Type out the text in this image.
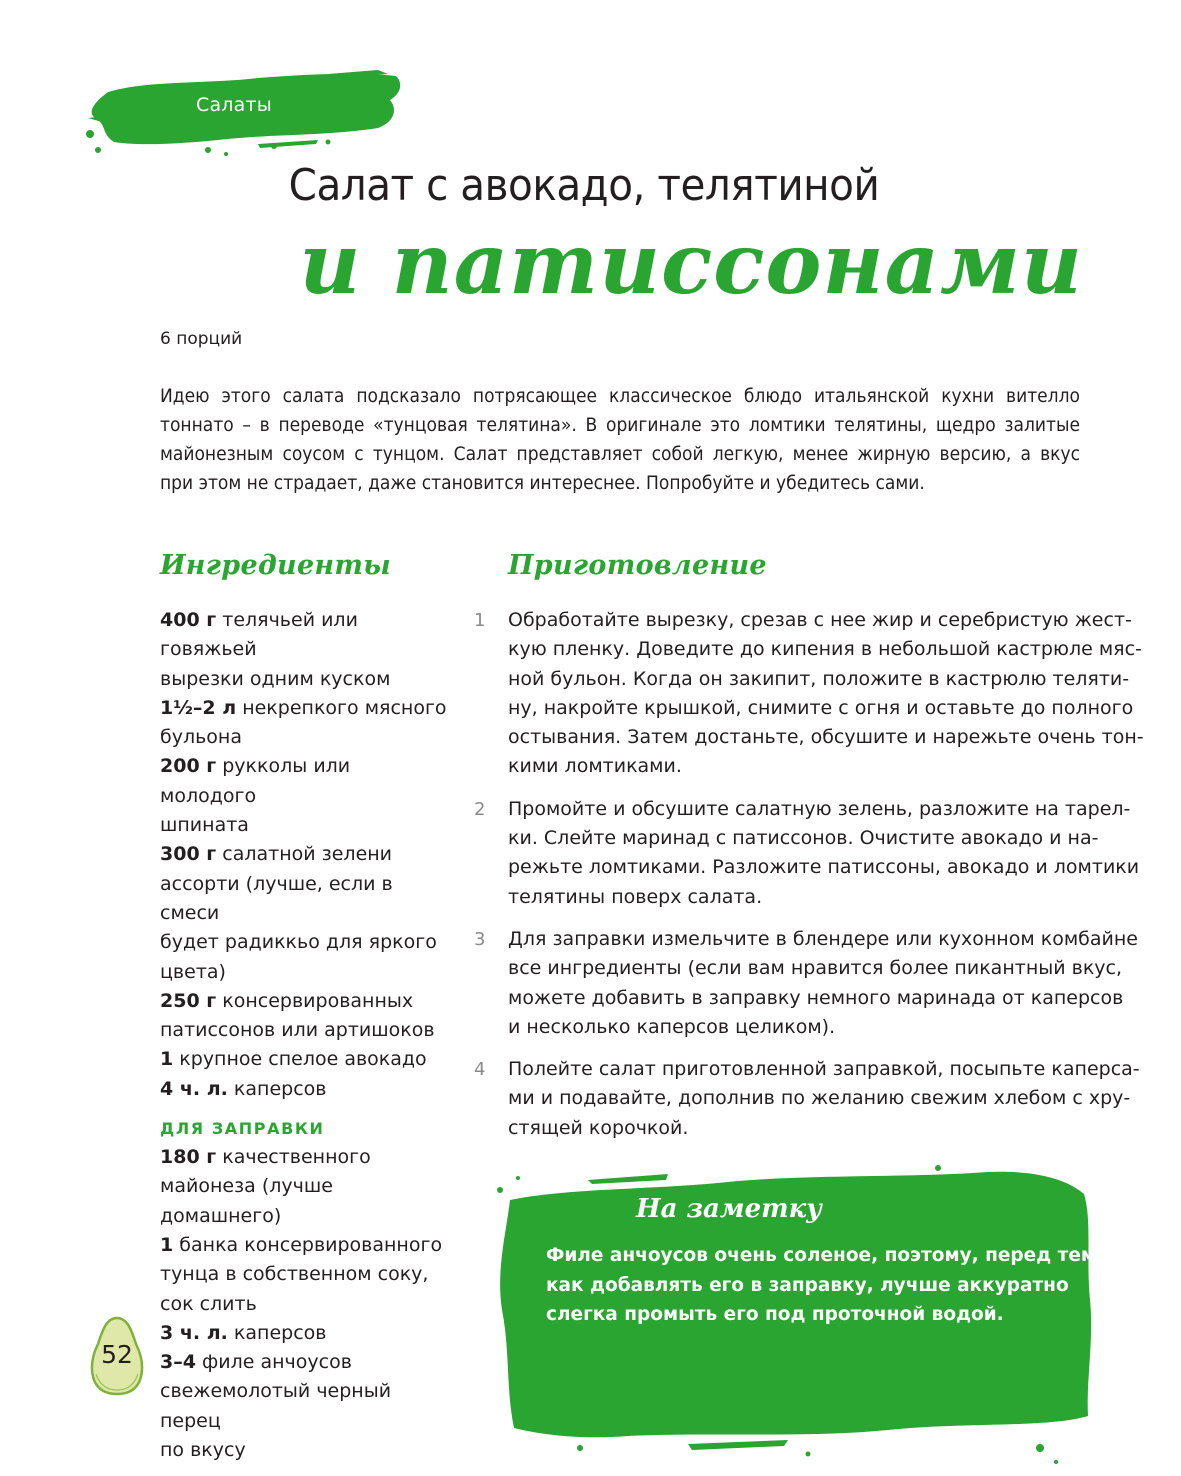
Салаты
Салат с авокадо, телятиной
и патиссонами
6 порций
Идею этого салата подсказало потрясающее классическое блюдо итальянской кухни вителло
тоннато – в переводе «тунцовая телятина». В оригинале это ломтики телятины, щедро залитые
майонезным соусом с тунцом. Салат представляет собой легкую, менее жирную версию, а вкус
при этом не страдает, даже становится интереснее. Попробуйте и убедитесь сами.
Ингредиенты	Приготовление
400 г телячьей или говяжьей
вырезки одним куском
1½–2 л некрепкого мясного
бульона
200 г рукколы или молодого
шпината
300 г салатной зелени
ассорти (лучше, если в смеси
будет радиккьо для яркого
цвета)
250 г консервированных
патиссонов или артишоков
1 крупное спелое авокадо
4 ч. л. каперсов
ДЛЯ ЗАПРАВКИ
180 г качественного
майонеза (лучше домашнего)
1 банка консервированного
тунца в собственном соку,
сок слить
3 ч. л. каперсов
3–4 филе анчоусов
свежемолотый черный перец
по вкусу
1 Обработайте вырезку, срезав с нее жир и серебристую жест-
кую пленку. Доведите до кипения в небольшой кастрюле мяс-
ной бульон. Когда он закипит, положите в кастрюлю теляти-
ну, накройте крышкой, снимите с огня и оставьте до полного
остывания. Затем достаньте, обсушите и нарежьте очень тон-
кими ломтиками.
2 Промойте и обсушите салатную зелень, разложите на тарел-
ки. Слейте маринад с патиссонов. Очистите авокадо и на-
режьте ломтиками. Разложите патиссоны, авокадо и ломтики
телятины поверх салата.
3 Для заправки измельчите в блендере или кухонном комбайне
все ингредиенты (если вам нравится более пикантный вкус,
можете добавить в заправку немного маринада от каперсов
и несколько каперсов целиком).
4 Полейте салат приготовленной заправкой, посыпьте каперса-
ми и подавайте, дополнив по желанию свежим хлебом с хру-
стящей корочкой.
На заметку
Филе анчоусов очень соленое, поэтому, перед тем
как добавлять его в заправку, лучше аккуратно
слегка промыть его под проточной водой.
52
